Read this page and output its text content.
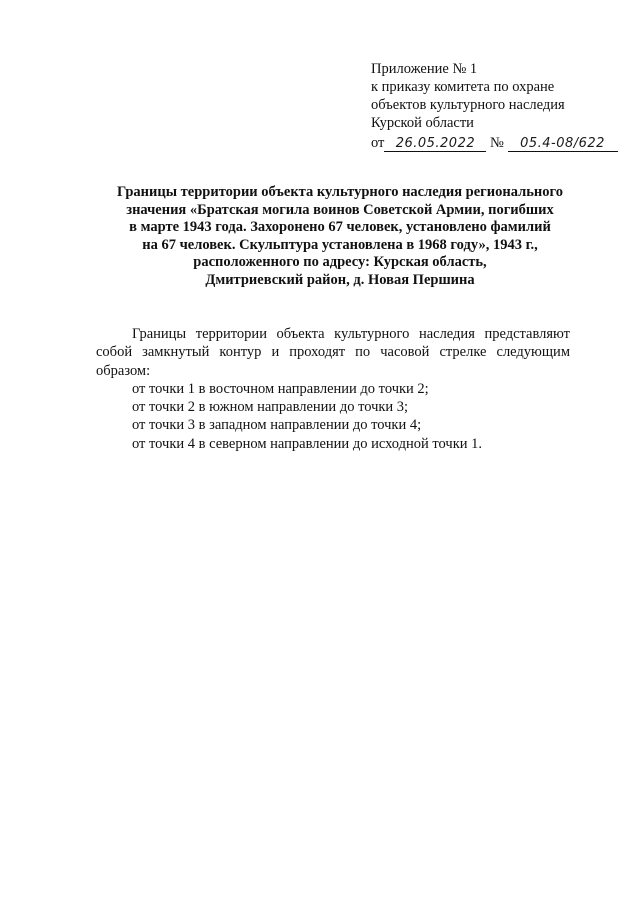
Приложение № 1
к приказу комитета по охране
объектов культурного наследия
Курской области
от 26.05.2022 № 05.4-08/622
Границы территории объекта культурного наследия регионального
значения «Братская могила воинов Советской Армии, погибших
в марте 1943 года. Захоронено 67 человек, установлено фамилий
на 67 человек. Скульптура установлена в 1968 году», 1943 г.,
расположенного по адресу: Курская область,
Дмитриевский район, д. Новая Першина

Границы территории объекта культурного наследия представляют собой замкнутый контур и проходят по часовой стрелке следующим образом:

от точки 1 в восточном направлении до точки 2;

от точки 2 в южном направлении до точки 3;

от точки 3 в западном направлении до точки 4;

от точки 4 в северном направлении до исходной точки 1.
